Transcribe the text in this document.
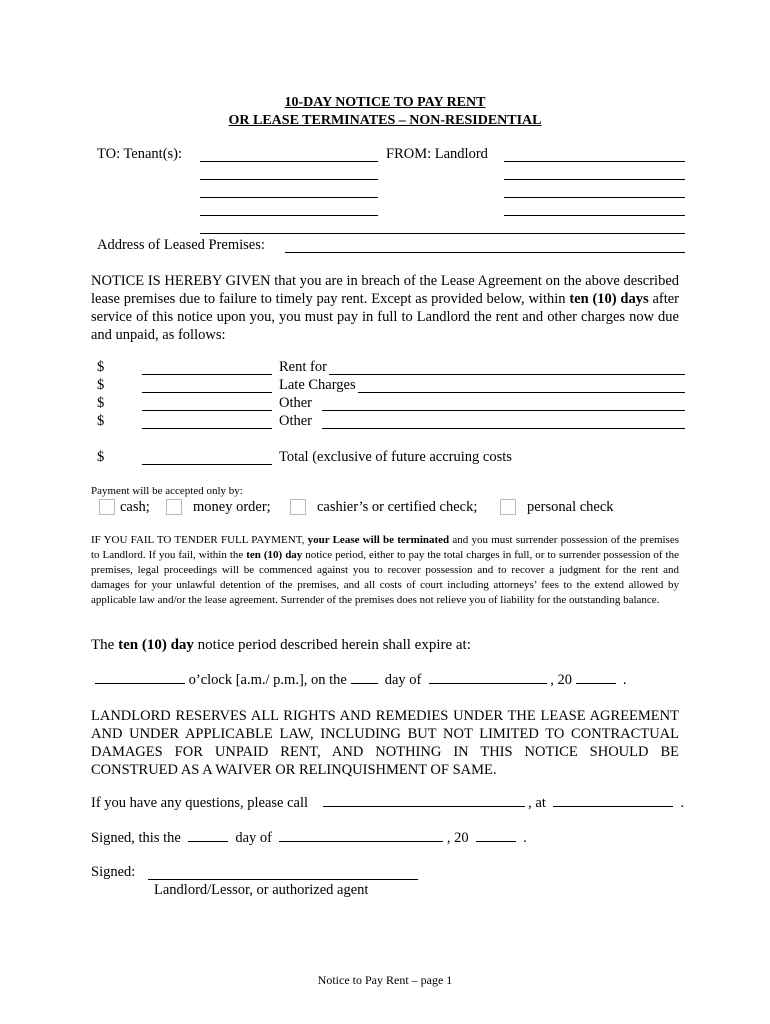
10-DAY NOTICE TO PAY RENT
OR LEASE TERMINATES – NON-RESIDENTIAL
TO: Tenant(s):	FROM: Landlord
Address of Leased Premises:
NOTICE IS HEREBY GIVEN that you are in breach of the Lease Agreement on the above described lease premises due to failure to timely pay rent. Except as provided below, within ten (10) days after service of this notice upon you, you must pay in full to Landlord the rent and other charges now due and unpaid, as follows:
$	Rent for
$	Late Charges
$	Other
$	Other
$	Total (exclusive of future accruing costs
Payment will be accepted only by:
cash;	money order;	cashier’s or certified check;	personal check
IF YOU FAIL TO TENDER FULL PAYMENT, your Lease will be terminated and you must surrender possession of the premises to Landlord. If you fail, within the ten (10) day notice period, either to pay the total charges in full, or to surrender possession of the premises, legal proceedings will be commenced against you to recover possession and to recover a judgment for the rent and damages for your unlawful detention of the premises, and all costs of court including attorneys’ fees to the extend allowed by applicable law and/or the lease agreement. Surrender of the premises does not relieve you of liability for the outstanding balance.
The ten (10) day notice period described herein shall expire at:
o’clock [a.m./ p.m.], on the	day of	, 20	.
LANDLORD RESERVES ALL RIGHTS AND REMEDIES UNDER THE LEASE AGREEMENT AND UNDER APPLICABLE LAW, INCLUDING BUT NOT LIMITED TO CONTRACTUAL DAMAGES FOR UNPAID RENT, AND NOTHING IN THIS NOTICE SHOULD BE CONSTRUED AS A WAIVER OR RELINQUISHMENT OF SAME.
If you have any questions, please call	, at	.
Signed, this the	day of	, 20	.
Signed:
Landlord/Lessor, or authorized agent
Notice to Pay Rent – page 1
